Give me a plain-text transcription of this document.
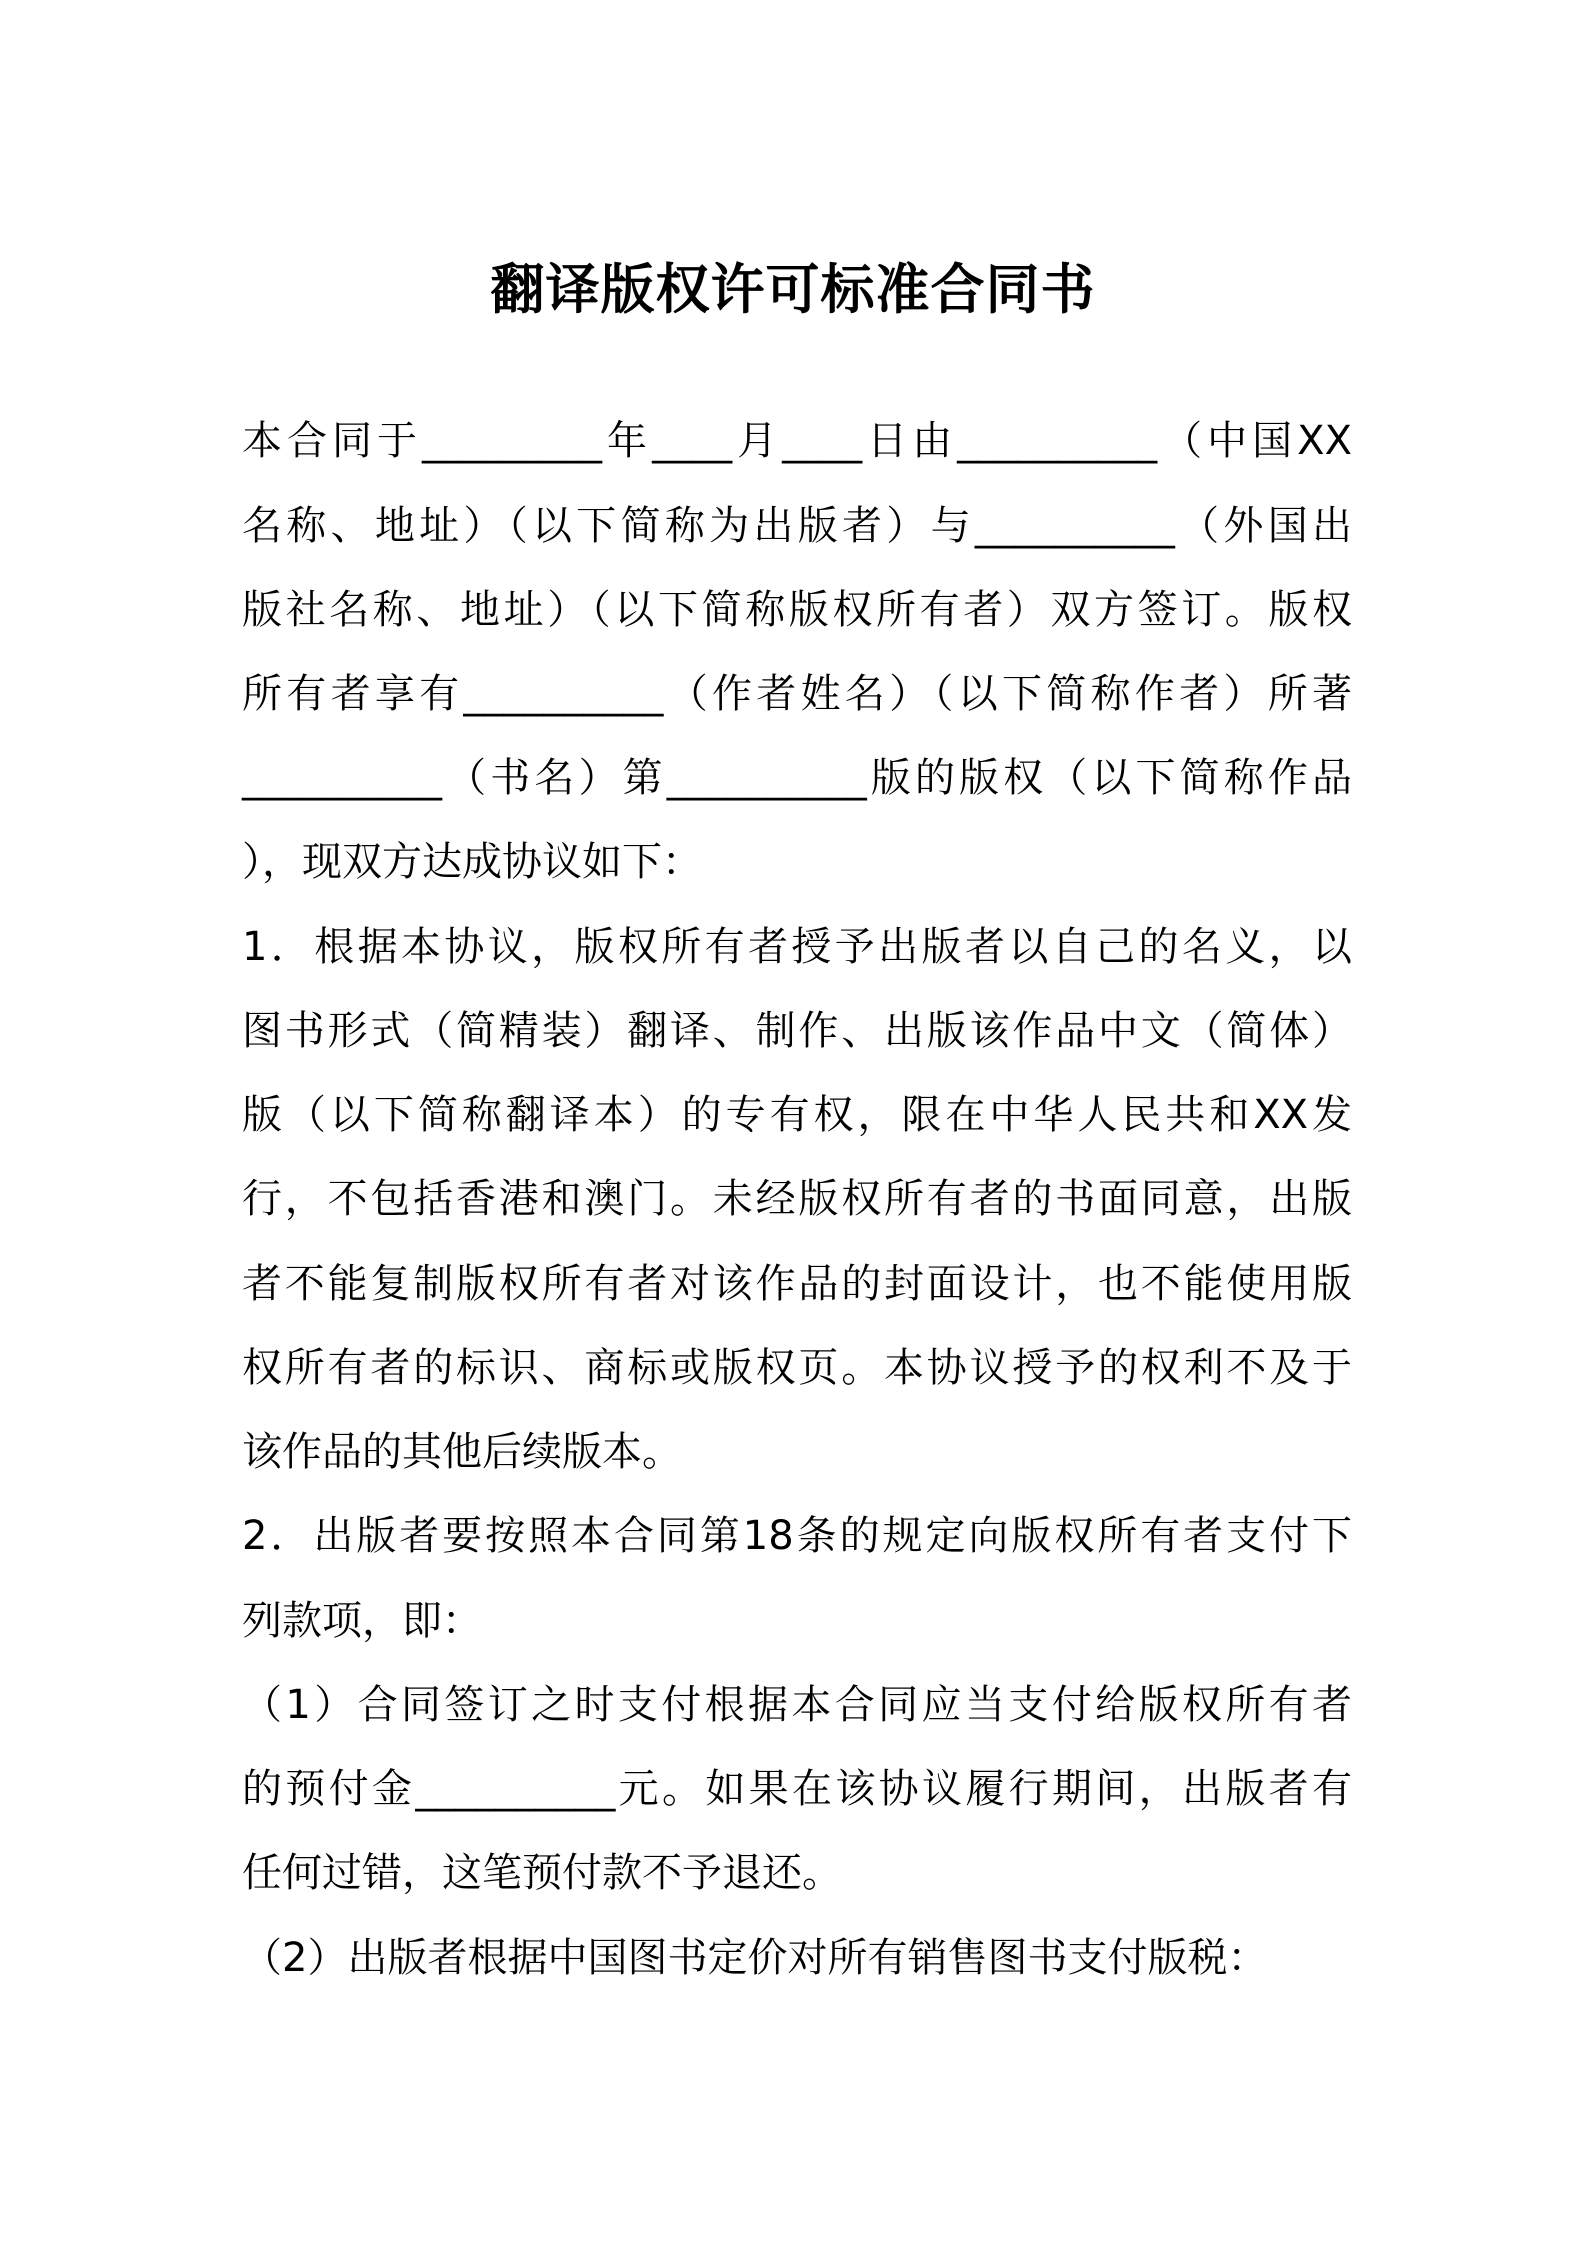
翻译版权许可标准合同书
本合同于_________年____月____日由__________（中国XX
名称、地址）（以下简称为出版者）与__________（外国出
版社名称、地址）（以下简称版权所有者）双方签订。版权
所有者享有__________（作者姓名）（以下简称作者）所著
__________（书名）第__________版的版权（以下简称作品
），现双方达成协议如下：
1．根据本协议，版权所有者授予出版者以自己的名义，以
图书形式（简精装）翻译、制作、出版该作品中文（简体）
版（以下简称翻译本）的专有权，限在中华人民共和XX发
行，不包括香港和澳门。未经版权所有者的书面同意，出版
者不能复制版权所有者对该作品的封面设计，也不能使用版
权所有者的标识、商标或版权页。本协议授予的权利不及于
该作品的其他后续版本。
2．出版者要按照本合同第18条的规定向版权所有者支付下
列款项，即：
（1）合同签订之时支付根据本合同应当支付给版权所有者
的预付金__________元。如果在该协议履行期间，出版者有
任何过错，这笔预付款不予退还。
（2）出版者根据中国图书定价对所有销售图书支付版税：
